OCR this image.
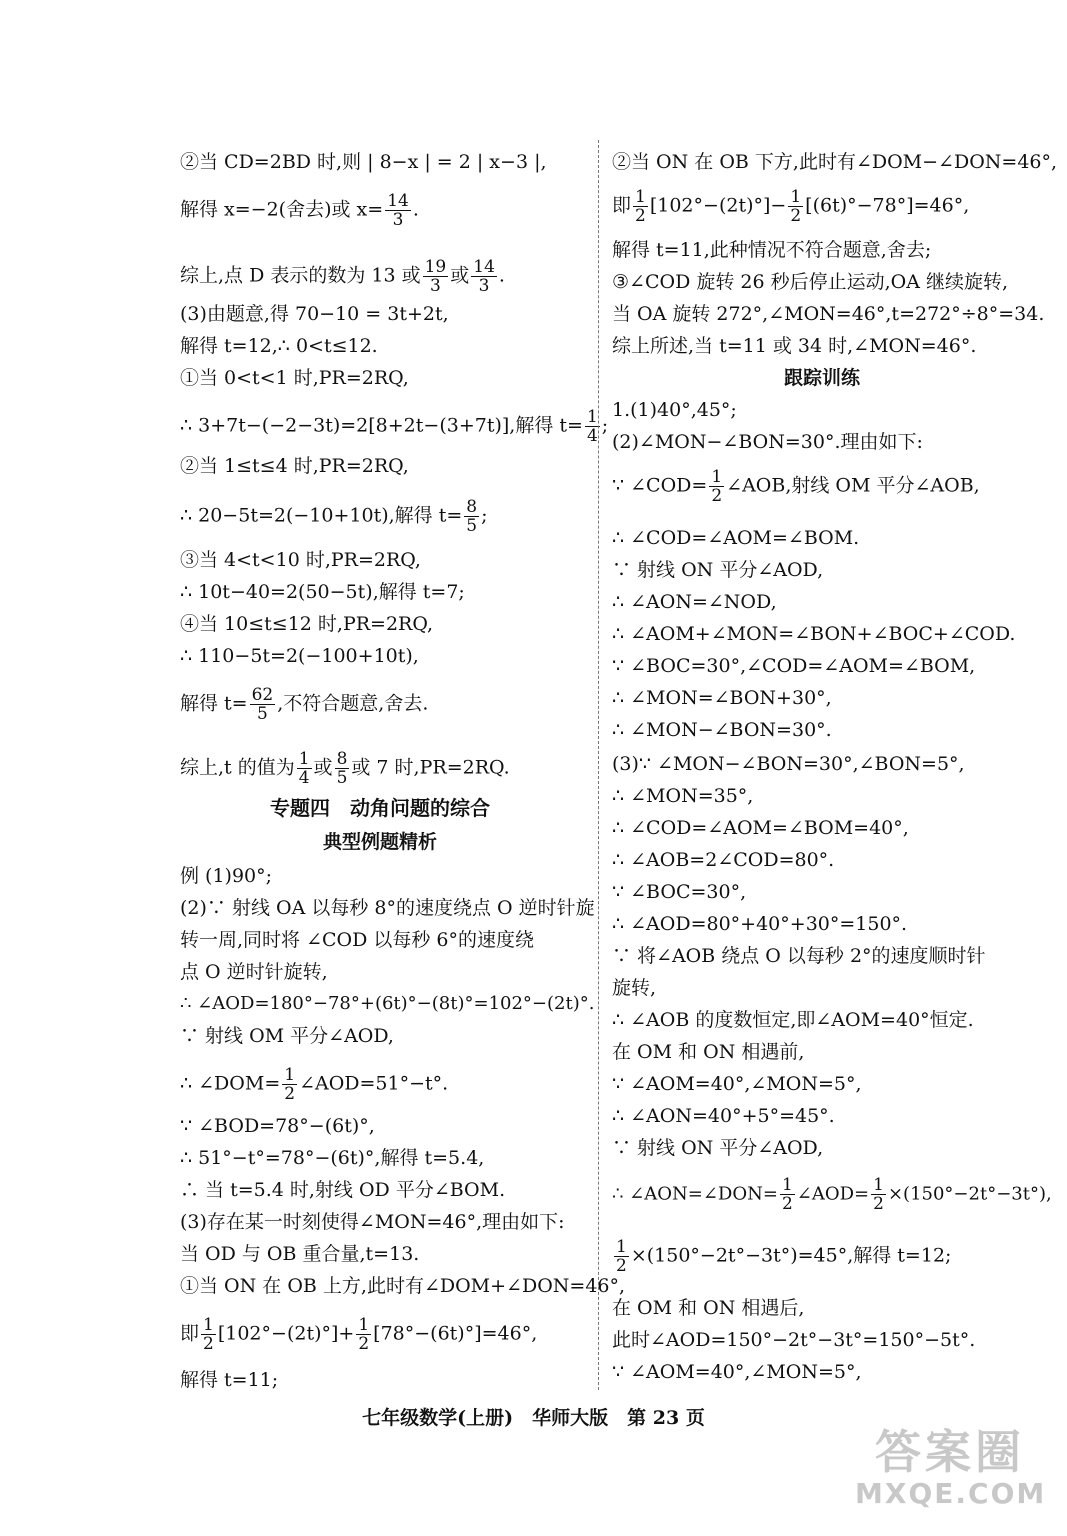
②当 CD=2BD 时,则 | 8−x | = 2 | x−3 |,
解得 x=−2(舍去)或 $x= \frac{14}{3}$ .
综上,点 D 表示的数为 13 或 $\frac{19}{3}$ 或 $\frac{14}{3}$ .
(3)由题意,得 70−10 = 3t+2t,
解得 t=12,∴ 0<t≤12.
①当 0<t<1 时,PR=2RQ,
∴ 3+7t−(−2−3t)=2[8+2t−(3+7t)],解得 $t= \frac{1}{4}$ ;
②当 1≤t≤4 时,PR=2RQ,
∴ 20−5t=2(−10+10t),解得 $t= \frac{8}{5}$ ;
③当 4<t<10 时,PR=2RQ,
∴ 10t−40=2(50−5t),解得 t=7;
④当 10≤t≤12 时,PR=2RQ,
∴ 110−5t=2(−100+10t),
解得 $t= \frac{62}{5}$ ,不符合题意,舍去.
综上,t 的值为 $\frac{1}{4}$ 或 $\frac{8}{5}$ 或 7 时,PR=2RQ.
专题四　动角问题的综合
典型例题精析
例 (1)90°;
(2)∵ 射线 OA 以每秒 8°的速度绕点 O 逆时针旋
转一周,同时将 ∠COD 以每秒 6°的速度绕
点 O 逆时针旋转,
∴ ∠AOD=180°−78°+(6t)°−(8t)°=102°−(2t)°.
∵ 射线 OM 平分∠AOD,
∴ ∠DOM= $\frac{1}{2}$ ∠AOD=51°−t°.
∵ ∠BOD=78°−(6t)°,
∴ 51°−t°=78°−(6t)°,解得 t=5.4,
∴ 当 t=5.4 时,射线 OD 平分∠BOM.
(3)存在某一时刻使得∠MON=46°,理由如下:
当 OD 与 OB 重合量,t=13.
①当 ON 在 OB 上方,此时有∠DOM+∠DON=46°,
即 $\frac{1}{2} [102^\circ-(2t)^\circ]+ \frac{1}{2} [78^\circ-(6t)^\circ]=46^\circ$,
解得 t=11;
②当 ON 在 OB 下方,此时有∠DOM−∠DON=46°,
即 $\frac{1}{2} [102^\circ-(2t)^\circ]- \frac{1}{2} [(6t)^\circ-78^\circ]=46^\circ$,
解得 t=11,此种情况不符合题意,舍去;
③∠COD 旋转 26 秒后停止运动,OA 继续旋转,
当 OA 旋转 272°,∠MON=46°,t=272°÷8°=34.
综上所述,当 t=11 或 34 时,∠MON=46°.
跟踪训练
1.(1)40°,45°;
(2)∠MON−∠BON=30°.理由如下:
∵ ∠COD= $\frac{1}{2}$ ∠AOB,射线 OM 平分∠AOB,
∴ ∠COD=∠AOM=∠BOM.
∵ 射线 ON 平分∠AOD,
∴ ∠AON=∠NOD,
∴ ∠AOM+∠MON=∠BON+∠BOC+∠COD.
∵ ∠BOC=30°,∠COD=∠AOM=∠BOM,
∴ ∠MON=∠BON+30°,
∴ ∠MON−∠BON=30°.
(3)∵ ∠MON−∠BON=30°,∠BON=5°,
∴ ∠MON=35°,
∴ ∠COD=∠AOM=∠BOM=40°,
∴ ∠AOB=2∠COD=80°.
∵ ∠BOC=30°,
∴ ∠AOD=80°+40°+30°=150°.
∵ 将∠AOB 绕点 O 以每秒 2°的速度顺时针
旋转,
∴ ∠AOB 的度数恒定,即∠AOM=40°恒定.
在 OM 和 ON 相遇前,
∵ ∠AOM=40°,∠MON=5°,
∴ ∠AON=40°+5°=45°.
∵ 射线 ON 平分∠AOD,
∴ ∠AON=∠DON= $\frac{1}{2}$ ∠AOD= $\frac{1}{2} \times(150^\circ-2t^\circ-3t^\circ)$,
$\frac{1}{2} \times(150^\circ-2t^\circ-3t^\circ)=45^\circ$,解得 t=12;
在 OM 和 ON 相遇后,
此时∠AOD=150°−2t°−3t°=150°−5t°.
∵ ∠AOM=40°,∠MON=5°,
七年级数学(上册)　华师大版　第 23 页
答案圈
MXQE.COM
